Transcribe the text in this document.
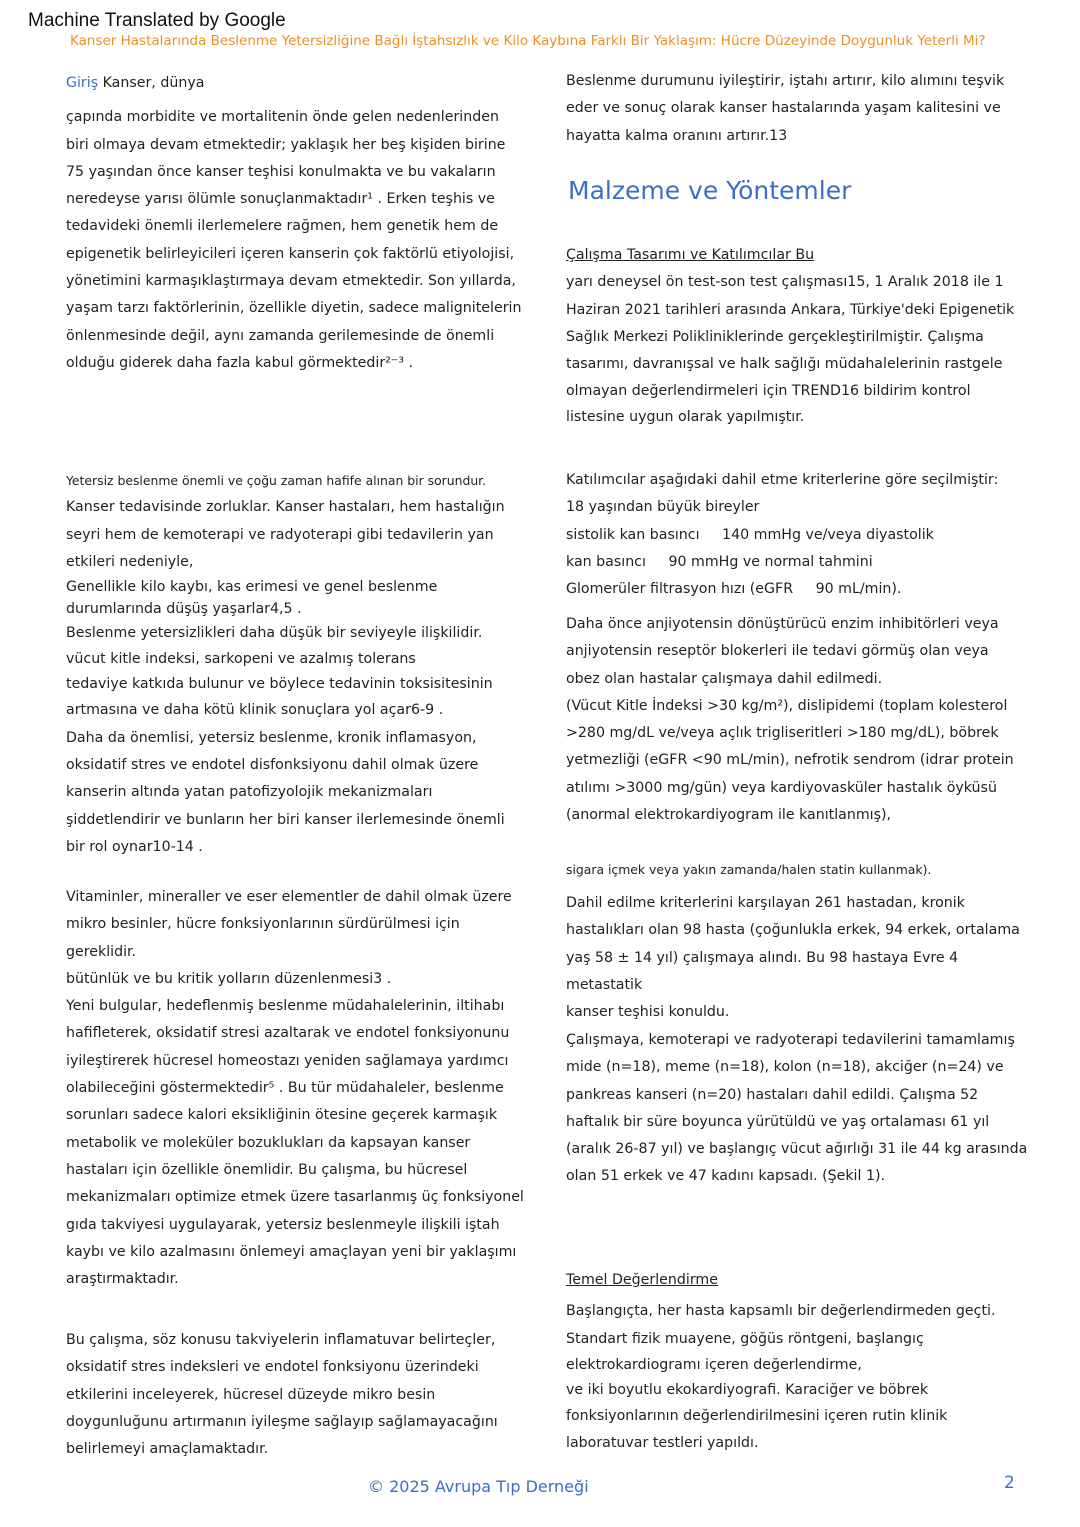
Machine Translated by Google
Kanser Hastalarında Beslenme Yetersizliğine Bağlı İştahsızlık ve Kilo Kaybına Farklı Bir Yaklaşım: Hücre Düzeyinde Doygunluk Yeterli Mi?

Giriş Kanser, dünya

çapında morbidite ve mortalitenin önde gelen nedenlerinden

biri olmaya devam etmektedir; yaklaşık her beş kişiden birine

75 yaşından önce kanser teşhisi konulmakta ve bu vakaların

neredeyse yarısı ölümle sonuçlanmaktadır¹ . Erken teşhis ve

tedavideki önemli ilerlemelere rağmen, hem genetik hem de

epigenetik belirleyicileri içeren kanserin çok faktörlü etiyolojisi,

yönetimini karmaşıklaştırmaya devam etmektedir. Son yıllarda,

yaşam tarzı faktörlerinin, özellikle diyetin, sadece malignitelerin

önlenmesinde değil, aynı zamanda gerilemesinde de önemli

olduğu giderek daha fazla kabul görmektedir²⁻³ .

Yetersiz beslenme önemli ve çoğu zaman hafife alınan bir sorundur.

Kanser tedavisinde zorluklar. Kanser hastaları, hem hastalığın

seyri hem de kemoterapi ve radyoterapi gibi tedavilerin yan

etkileri nedeniyle,

Genellikle kilo kaybı, kas erimesi ve genel beslenme

durumlarında düşüş yaşarlar4,5 .

Beslenme yetersizlikleri daha düşük bir seviyeyle ilişkilidir.

vücut kitle indeksi, sarkopeni ve azalmış tolerans

tedaviye katkıda bulunur ve böylece tedavinin toksisitesinin

artmasına ve daha kötü klinik sonuçlara yol açar6-9 .

Daha da önemlisi, yetersiz beslenme, kronik inflamasyon,

oksidatif stres ve endotel disfonksiyonu dahil olmak üzere

kanserin altında yatan patofizyolojik mekanizmaları

şiddetlendirir ve bunların her biri kanser ilerlemesinde önemli

bir rol oynar10-14 .

Vitaminler, mineraller ve eser elementler de dahil olmak üzere

mikro besinler, hücre fonksiyonlarının sürdürülmesi için gereklidir.

bütünlük ve bu kritik yolların düzenlenmesi3 .

Yeni bulgular, hedeflenmiş beslenme müdahalelerinin, iltihabı

hafifleterek, oksidatif stresi azaltarak ve endotel fonksiyonunu

iyileştirerek hücresel homeostazı yeniden sağlamaya yardımcı

olabileceğini göstermektedir⁵ . Bu tür müdahaleler, beslenme

sorunları sadece kalori eksikliğinin ötesine geçerek karmaşık

metabolik ve moleküler bozuklukları da kapsayan kanser

hastaları için özellikle önemlidir. Bu çalışma, bu hücresel

mekanizmaları optimize etmek üzere tasarlanmış üç fonksiyonel

gıda takviyesi uygulayarak, yetersiz beslenmeyle ilişkili iştah

kaybı ve kilo azalmasını önlemeyi amaçlayan yeni bir yaklaşımı

araştırmaktadır.

Bu çalışma, söz konusu takviyelerin inflamatuvar belirteçler,

oksidatif stres indeksleri ve endotel fonksiyonu üzerindeki

etkilerini inceleyerek, hücresel düzeyde mikro besin

doygunluğunu artırmanın iyileşme sağlayıp sağlamayacağını

belirlemeyi amaçlamaktadır.

Beslenme durumunu iyileştirir, iştahı artırır, kilo alımını teşvik

eder ve sonuç olarak kanser hastalarında yaşam kalitesini ve

hayatta kalma oranını artırır.13

Malzeme ve Yöntemler

Çalışma Tasarımı ve Katılımcılar Bu

yarı deneysel ön test-son test çalışması15, 1 Aralık 2018 ile 1

Haziran 2021 tarihleri arasında Ankara, Türkiye'deki Epigenetik

Sağlık Merkezi Polikliniklerinde gerçekleştirilmiştir. Çalışma

tasarımı, davranışsal ve halk sağlığı müdahalelerinin rastgele

olmayan değerlendirmeleri için TREND16 bildirim kontrol

listesine uygun olarak yapılmıştır.

Katılımcılar aşağıdaki dahil etme kriterlerine göre seçilmiştir:

18 yaşından büyük bireyler

sistolik kan basıncı     140 mmHg ve/veya diyastolik

kan basıncı     90 mmHg ve normal tahmini

Glomerüler filtrasyon hızı (eGFR     90 mL/min).

Daha önce anjiyotensin dönüştürücü enzim inhibitörleri veya

anjiyotensin reseptör blokerleri ile tedavi görmüş olan veya

obez olan hastalar çalışmaya dahil edilmedi.

(Vücut Kitle İndeksi >30 kg/m²), dislipidemi (toplam kolesterol

>280 mg/dL ve/veya açlık trigliseritleri >180 mg/dL), böbrek

yetmezliği (eGFR <90 mL/min), nefrotik sendrom (idrar protein

atılımı >3000 mg/gün) veya kardiyovasküler hastalık öyküsü

(anormal elektrokardiyogram ile kanıtlanmış),

sigara içmek veya yakın zamanda/halen statin kullanmak).

Dahil edilme kriterlerini karşılayan 261 hastadan, kronik

hastalıkları olan 98 hasta (çoğunlukla erkek, 94 erkek, ortalama

yaş 58 ± 14 yıl) çalışmaya alındı. Bu 98 hastaya Evre 4 metastatik

kanser teşhisi konuldu.

Çalışmaya, kemoterapi ve radyoterapi tedavilerini tamamlamış

mide (n=18), meme (n=18), kolon (n=18), akciğer (n=24) ve

pankreas kanseri (n=20) hastaları dahil edildi. Çalışma 52

haftalık bir süre boyunca yürütüldü ve yaş ortalaması 61 yıl

(aralık 26-87 yıl) ve başlangıç vücut ağırlığı 31 ile 44 kg arasında

olan 51 erkek ve 47 kadını kapsadı. (Şekil 1).

Temel Değerlendirme

Başlangıçta, her hasta kapsamlı bir değerlendirmeden geçti.

Standart fizik muayene, göğüs röntgeni, başlangıç

elektrokardiogramı içeren değerlendirme,

ve iki boyutlu ekokardiyografi. Karaciğer ve böbrek

fonksiyonlarının değerlendirilmesini içeren rutin klinik

laboratuvar testleri yapıldı.

© 2025 Avrupa Tıp Derneği	2
